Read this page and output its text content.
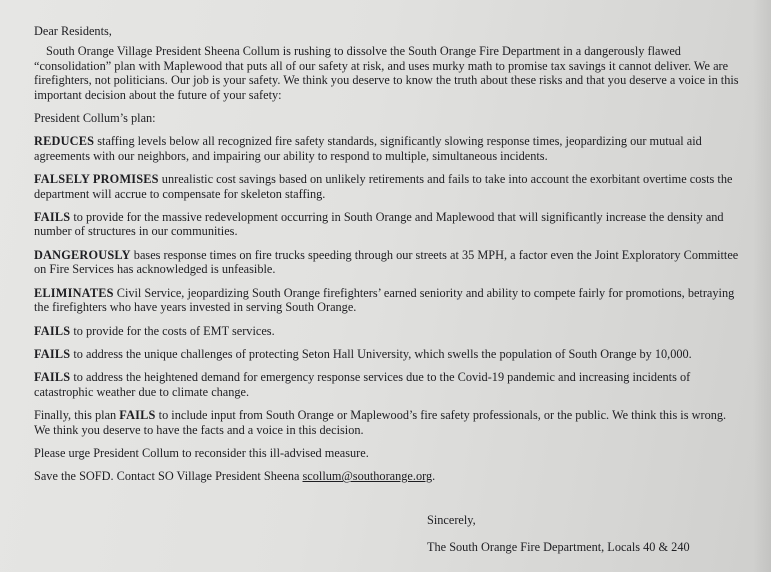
Dear Residents,
South Orange Village President Sheena Collum is rushing to dissolve the South Orange Fire Department in a dangerously flawed “consolidation” plan with Maplewood that puts all of our safety at risk, and uses murky math to promise tax savings it cannot deliver. We are firefighters, not politicians. Our job is your safety. We think you deserve to know the truth about these risks and that you deserve a voice in this important decision about the future of your safety:
President Collum’s plan:
REDUCES staffing levels below all recognized fire safety standards, significantly slowing response times, jeopardizing our mutual aid agreements with our neighbors, and impairing our ability to respond to multiple, simultaneous incidents.
FALSELY PROMISES unrealistic cost savings based on unlikely retirements and fails to take into account the exorbitant overtime costs the department will accrue to compensate for skeleton staffing.
FAILS to provide for the massive redevelopment occurring in South Orange and Maplewood that will significantly increase the density and number of structures in our communities.
DANGEROUSLY bases response times on fire trucks speeding through our streets at 35 MPH, a factor even the Joint Exploratory Committee on Fire Services has acknowledged is unfeasible.
ELIMINATES Civil Service, jeopardizing South Orange firefighters’ earned seniority and ability to compete fairly for promotions, betraying the firefighters who have years invested in serving South Orange.
FAILS to provide for the costs of EMT services.
FAILS to address the unique challenges of protecting Seton Hall University, which swells the population of South Orange by 10,000.
FAILS to address the heightened demand for emergency response services due to the Covid-19 pandemic and increasing incidents of catastrophic weather due to climate change.
Finally, this plan FAILS to include input from South Orange or Maplewood’s fire safety professionals, or the public. We think this is wrong. We think you deserve to have the facts and a voice in this decision.
Please urge President Collum to reconsider this ill-advised measure.
Save the SOFD. Contact SO Village President Sheena scollum@southorange.org.
Sincerely,
The South Orange Fire Department, Locals 40 & 240
